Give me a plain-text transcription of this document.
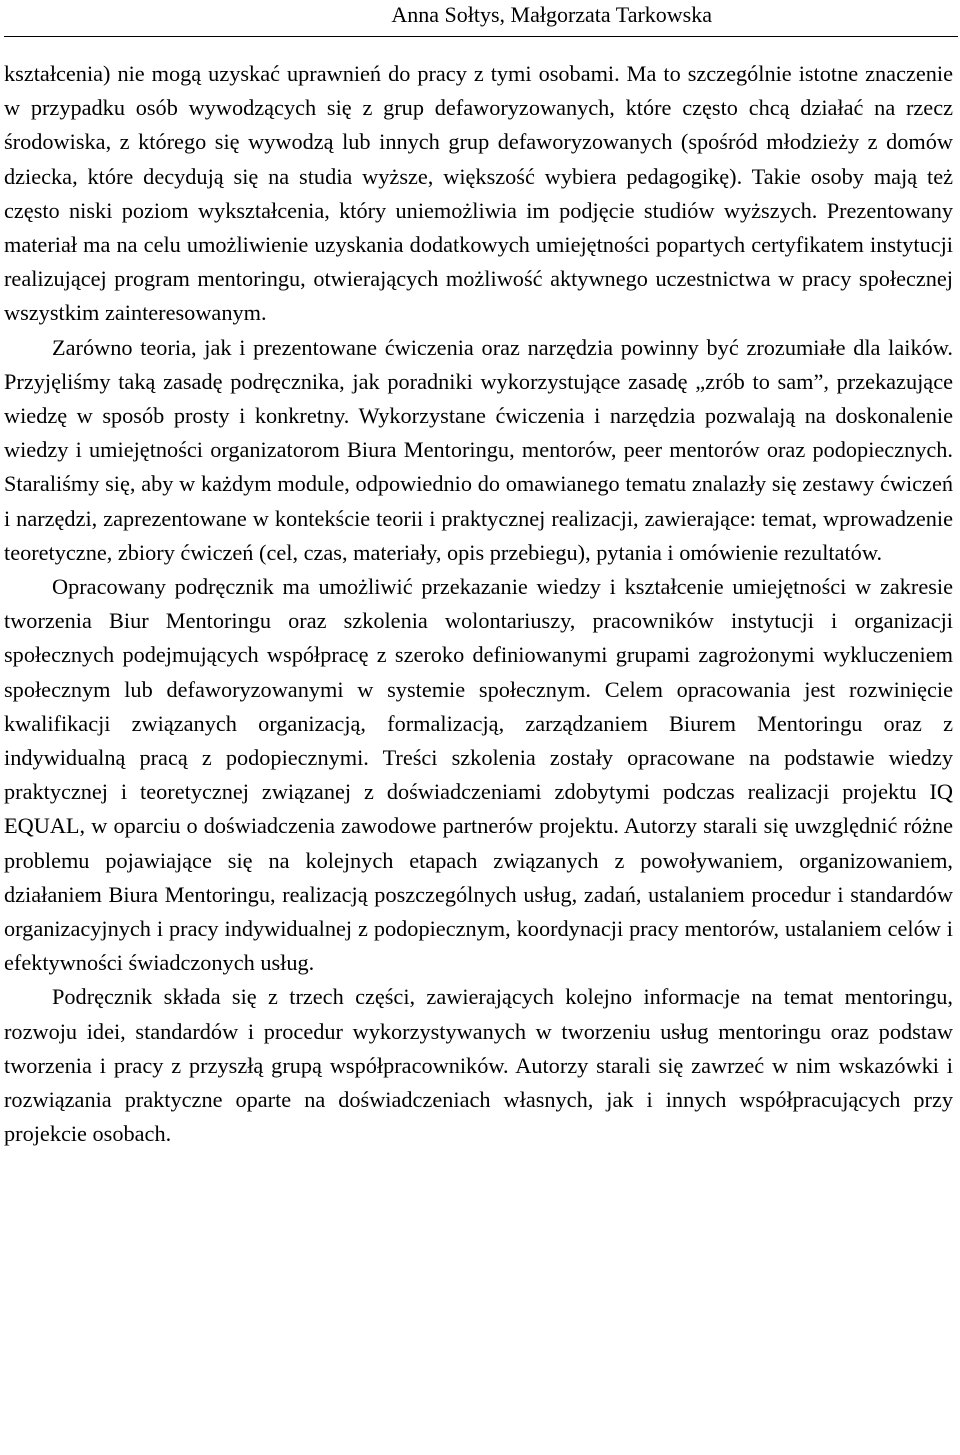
Anna Sołtys, Małgorzata Tarkowska

kształcenia) nie mogą uzyskać uprawnień do pracy z tymi osobami. Ma to szczególnie istotne znaczenie w przypadku osób wywodzących się z grup defaworyzowanych, które często chcą działać na rzecz środowiska, z którego się wywodzą lub innych grup defaworyzowanych (spośród młodzieży z domów dziecka, które decydują się na studia wyższe, większość wybiera pedagogikę). Takie osoby mają też często niski poziom wykształcenia, który uniemożliwia im podjęcie studiów wyższych. Prezentowany materiał ma na celu umożliwienie uzyskania dodatkowych umiejętności popartych certyfikatem instytucji realizującej program mentoringu, otwierających możliwość aktywnego uczestnictwa w pracy społecznej wszystkim zainteresowanym.

Zarówno teoria, jak i prezentowane ćwiczenia oraz narzędzia powinny być zrozumiałe dla laików. Przyjęliśmy taką zasadę podręcznika, jak poradniki wykorzystujące zasadę „zrób to sam”, przekazujące wiedzę w sposób prosty i konkretny. Wykorzystane ćwiczenia i narzędzia pozwalają na doskonalenie wiedzy i umiejętności organizatorom Biura Mentoringu, mentorów, peer mentorów oraz podopiecznych. Staraliśmy się, aby w każdym module, odpowiednio do omawianego tematu znalazły się zestawy ćwiczeń i narzędzi, zaprezentowane w kontekście teorii i praktycznej realizacji, zawierające: temat, wprowadzenie teoretyczne, zbiory ćwiczeń (cel, czas, materiały, opis przebiegu), pytania i omówienie rezultatów.

Opracowany podręcznik ma umożliwić przekazanie wiedzy i kształcenie umiejętności w zakresie tworzenia Biur Mentoringu oraz szkolenia wolontariuszy, pracowników instytucji i organizacji społecznych podejmujących współpracę z szeroko definiowanymi grupami zagrożonymi wykluczeniem społecznym lub defaworyzowanymi w systemie społecznym. Celem opracowania jest rozwinięcie kwalifikacji związanych organizacją, formalizacją, zarządzaniem Biurem Mentoringu oraz z indywidualną pracą z podopiecznymi. Treści szkolenia zostały opracowane na podstawie wiedzy praktycznej i teoretycznej związanej z doświadczeniami zdobytymi podczas realizacji projektu IQ EQUAL, w oparciu o doświadczenia zawodowe partnerów projektu. Autorzy starali się uwzględnić różne problemu pojawiające się na kolejnych etapach związanych z powoływaniem, organizowaniem, działaniem Biura Mentoringu, realizacją poszczególnych usług, zadań, ustalaniem procedur i standardów organizacyjnych i pracy indywidualnej z podopiecznym, koordynacji pracy mentorów, ustalaniem celów i efektywności świadczonych usług.

Podręcznik składa się z trzech części, zawierających kolejno informacje na temat mentoringu, rozwoju idei, standardów i procedur wykorzystywanych w tworzeniu usług mentoringu oraz podstaw tworzenia i pracy z przyszłą grupą współpracowników. Autorzy starali się zawrzeć w nim wskazówki i rozwiązania praktyczne oparte na doświadczeniach własnych, jak i innych współpracujących przy projekcie osobach.
